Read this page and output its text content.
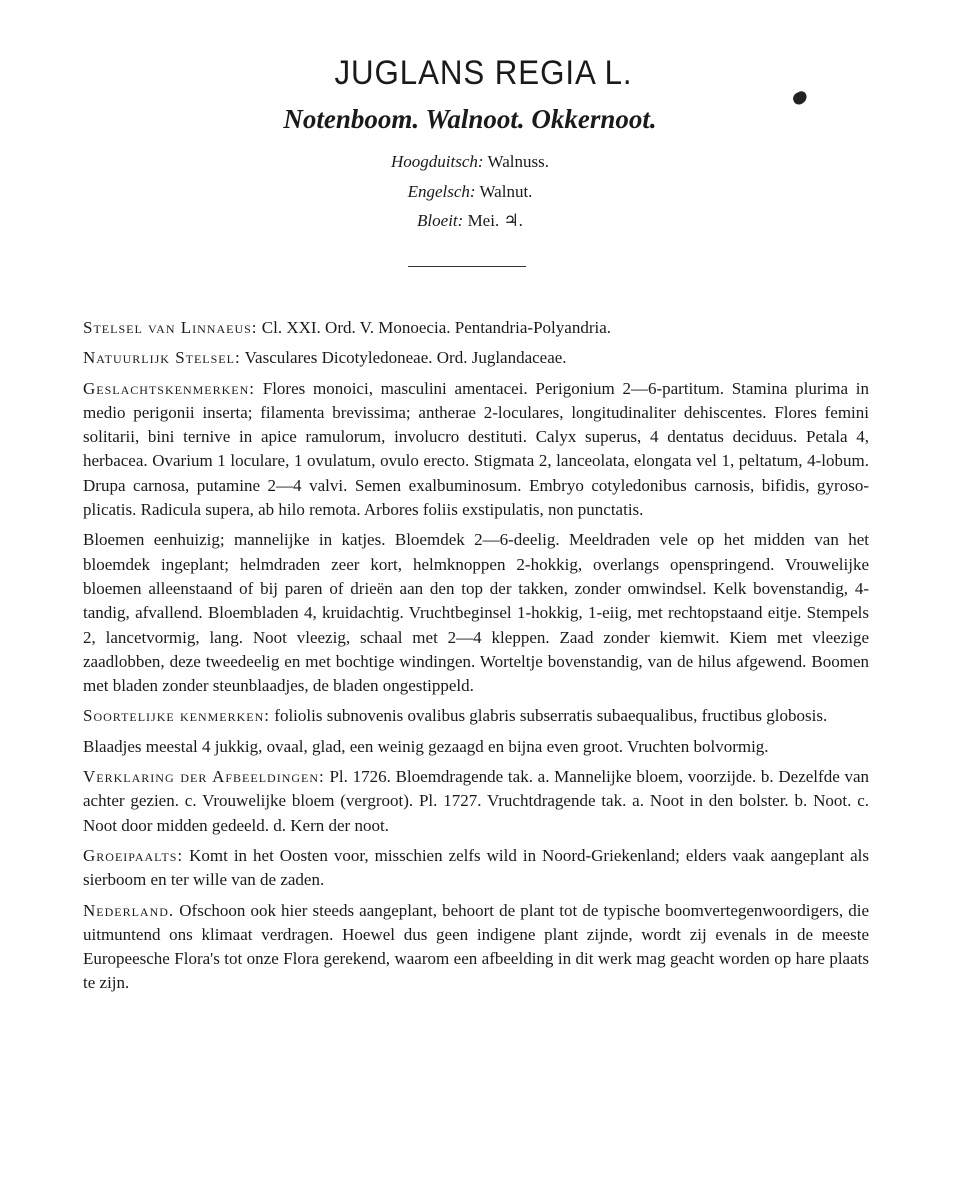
JUGLANS REGIA L.
Notenboom. Walnoot. Okkernoot.
Hoogduitsch: Walnuss.
Engelsch: Walnut.
Bloeit: Mei. ♃.

Stelsel van Linnaeus: Cl. XXI. Ord. V. Monoecia. Pentandria-Polyandria.

Natuurlijk Stelsel: Vasculares Dicotyledoneae. Ord. Juglandaceae.

Geslachtskenmerken: Flores monoici, masculini amentacei. Perigonium 2—6-partitum. Stamina plurima in medio perigonii inserta; filamenta brevissima; antherae 2-loculares, longitudinaliter dehiscentes. Flores femini solitarii, bini ternive in apice ramulorum, involucro destituti. Calyx superus, 4 dentatus deciduus. Petala 4, herbacea. Ovarium 1 loculare, 1 ovulatum, ovulo erecto. Stigmata 2, lanceolata, elongata vel 1, peltatum, 4-lobum. Drupa carnosa, putamine 2—4 valvi. Semen exalbuminosum. Embryo cotyledonibus carnosis, bifidis, gyroso-plicatis. Radicula supera, ab hilo remota. Arbores foliis exstipulatis, non punctatis.

Bloemen eenhuizig; mannelijke in katjes. Bloemdek 2—6-deelig. Meeldraden vele op het midden van het bloemdek ingeplant; helmdraden zeer kort, helmknoppen 2-hokkig, overlangs openspringend. Vrouwelijke bloemen alleenstaand of bij paren of drieën aan den top der takken, zonder omwindsel. Kelk bovenstandig, 4-tandig, afvallend. Bloembladen 4, kruidachtig. Vruchtbeginsel 1-hokkig, 1-eiig, met rechtopstaand eitje. Stempels 2, lancetvormig, lang. Noot vleezig, schaal met 2—4 kleppen. Zaad zonder kiemwit. Kiem met vleezige zaadlobben, deze tweedeelig en met bochtige windingen. Worteltje bovenstandig, van de hilus afgewend. Boomen met bladen zonder steunblaadjes, de bladen ongestippeld.

Soortelijke kenmerken: foliolis subnovenis ovalibus glabris subserratis subaequalibus, fructibus globosis.

Blaadjes meestal 4 jukkig, ovaal, glad, een weinig gezaagd en bijna even groot. Vruchten bolvormig.

Verklaring der Afbeeldingen: Pl. 1726. Bloemdragende tak. a. Mannelijke bloem, voorzijde. b. Dezelfde van achter gezien. c. Vrouwelijke bloem (vergroot). Pl. 1727. Vruchtdragende tak. a. Noot in den bolster. b. Noot. c. Noot door midden gedeeld. d. Kern der noot.

Groeipaalts: Komt in het Oosten voor, misschien zelfs wild in Noord-Griekenland; elders vaak aangeplant als sierboom en ter wille van de zaden.

Nederland. Ofschoon ook hier steeds aangeplant, behoort de plant tot de typische boomvertegenwoordigers, die uitmuntend ons klimaat verdragen. Hoewel dus geen indigene plant zijnde, wordt zij evenals in de meeste Europeesche Flora's tot onze Flora gerekend, waarom een afbeelding in dit werk mag geacht worden op hare plaats te zijn.
